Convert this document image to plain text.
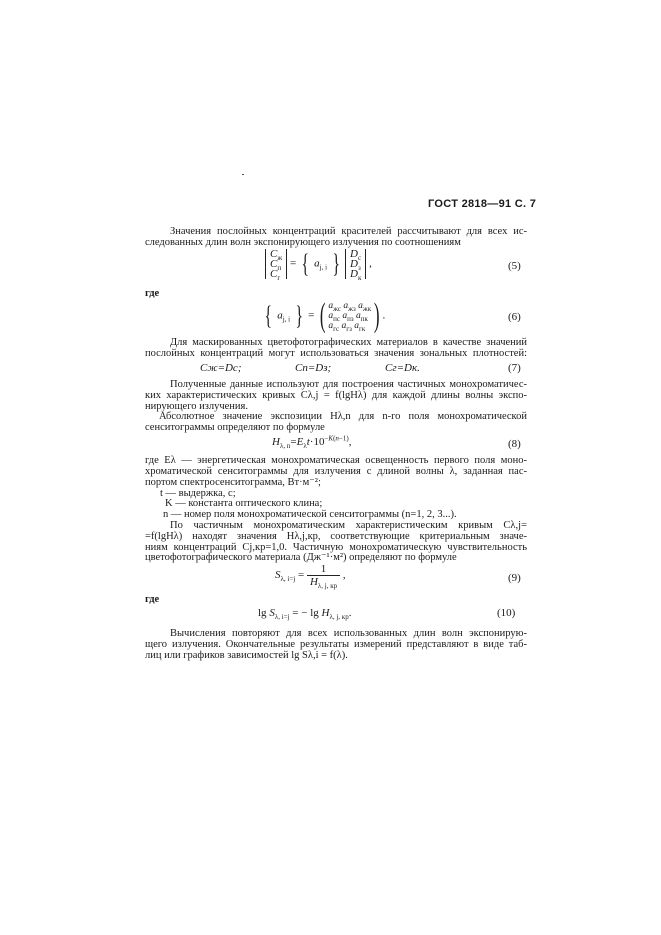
ГОСТ 2818—91 С. 7
Значения послойных концентраций красителей рассчитывают для всех ис-
следованных длин волн экспонирующего излучения по соотношениям
$C_ж$
$C_п$
$C_г$ = { $a_{j, i}$ } $D_с$
$D_з$
$D_к$ ,	(5)
где
{ $a_{j, i}$ } = ( $a_{жс}$ $a_{жз}$ $a_{жк}$
$a_{пс}$ $a_{пз}$ $a_{пк}$
$a_{гс}$ $a_{гз}$ $a_{гк}$ ) .	(6)
Для маскированных цветофотографических материалов в качестве значений
послойных концентраций могут использоваться значения зональных плотностей:
Cж=Dc;	Cп=Dз;	Cг=Dк.	(7)
Полученные данные используют для построения частичных монохроматичес-
ких характеристических кривых Cλ,j = f(lgHλ) для каждой длины волны экспо-
нирующего излучения.
Абсолютное значение экспозиции Hλ,n для n-го поля монохроматической
сенситограммы определяют по формуле
$H_{\lambda, n}=E_\lambda t\cdot 10^{-K(n-1)}$,	(8)
где Eλ — энергетическая монохроматическая освещенность первого поля моно-
хроматической сенситограммы для излучения с длиной волны λ, заданная пас-
портом спектросенситограмма, Вт·м⁻²;
t — выдержка, с;
K — константа оптического клина;
n — номер поля монохроматической сенситограммы (n=1, 2, 3...).
По частичным монохроматическим характеристическим кривым Cλ,j=
=f(lgHλ) находят значения Hλ,j,кр, соответствующие критериальным значе-
ниям концентраций Cj,кр=1,0. Частичную монохроматическую чувствительность
цветофотографического материала (Дж⁻¹·м²) определяют по формуле
$S_{\lambda, i=j} = \frac{1}{H_{\lambda, j, кр}}$ ,	(9)
где
$\lg S_{\lambda, i=j}$ = − $\lg H_{\lambda, j, кр}$.	(10)
Вычисления повторяют для всех использованных длин волн экспонирую-
щего излучения. Окончательные результаты измерений представляют в виде таб-
лиц или графиков зависимостей lg Sλ,i = f(λ).
